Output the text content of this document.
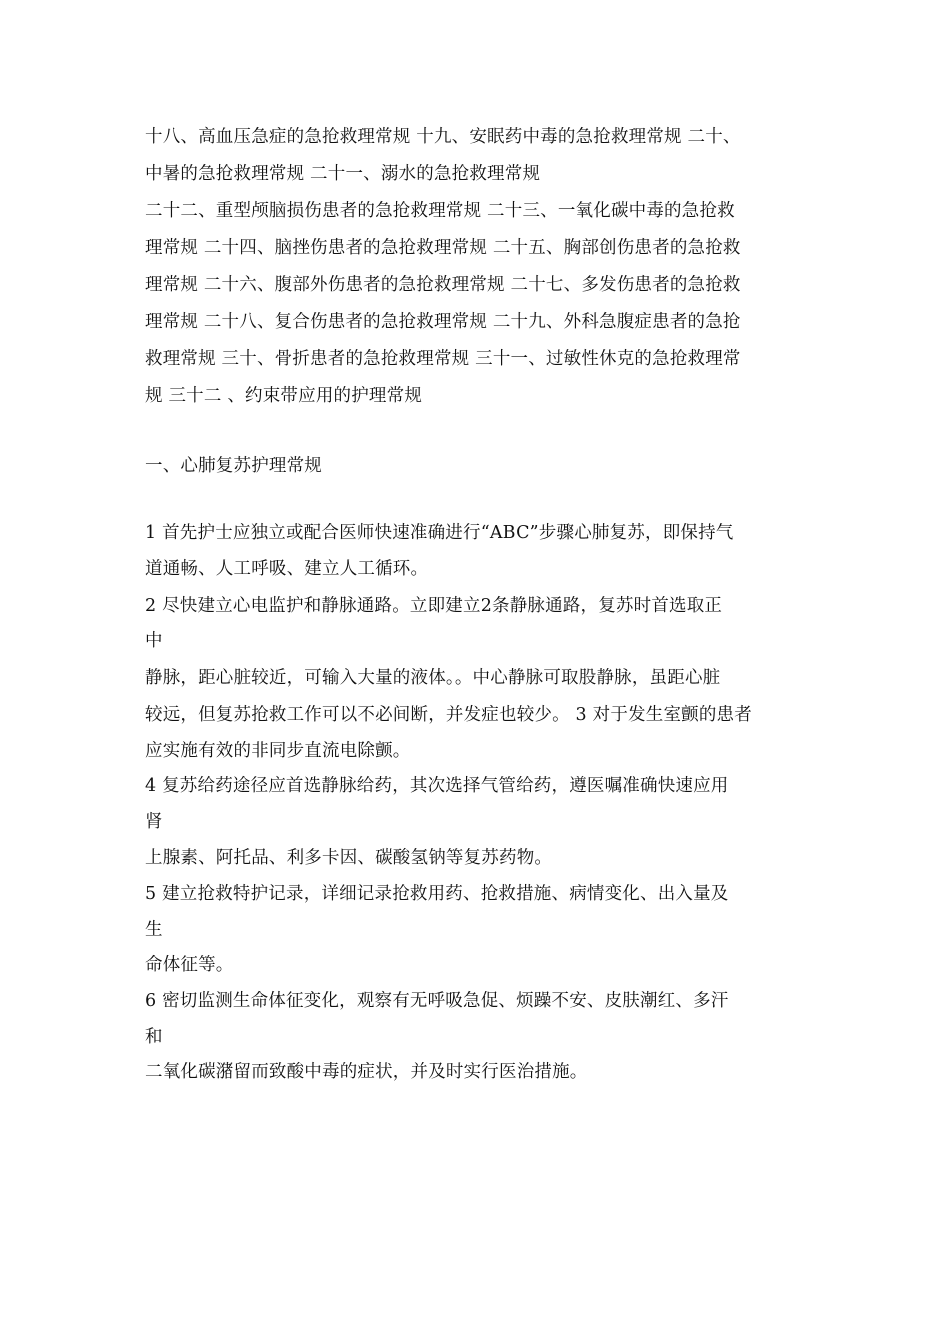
十八、高血压急症的急抢救理常规 十九、安眠药中毒的急抢救理常规 二十、
中暑的急抢救理常规 二十一、溺水的急抢救理常规
二十二、重型颅脑损伤患者的急抢救理常规 二十三、一氧化碳中毒的急抢救
理常规 二十四、脑挫伤患者的急抢救理常规 二十五、胸部创伤患者的急抢救
理常规 二十六、腹部外伤患者的急抢救理常规 二十七、多发伤患者的急抢救
理常规 二十八、复合伤患者的急抢救理常规 二十九、外科急腹症患者的急抢
救理常规 三十、骨折患者的急抢救理常规 三十一、过敏性休克的急抢救理常
规 三十二 、约束带应用的护理常规
一、心肺复苏护理常规
1 首先护士应独立或配合医师快速准确进行“ABC”步骤心肺复苏，即保持气
道通畅、人工呼吸、建立人工循环。
2 尽快建立心电监护和静脉通路。立即建立2条静脉通路，复苏时首选取正
中
静脉，距心脏较近，可输入大量的液体。。中心静脉可取股静脉，虽距心脏
较远，但复苏抢救工作可以不必间断，并发症也较少。 3 对于发生室颤的患者
应实施有效的非同步直流电除颤。
4 复苏给药途径应首选静脉给药，其次选择气管给药，遵医嘱准确快速应用
肾
上腺素、阿托品、利多卡因、碳酸氢钠等复苏药物。
5 建立抢救特护记录，详细记录抢救用药、抢救措施、病情变化、出入量及
生
命体征等。
6 密切监测生命体征变化，观察有无呼吸急促、烦躁不安、皮肤潮红、多汗
和
二氧化碳潴留而致酸中毒的症状，并及时实行医治措施。
